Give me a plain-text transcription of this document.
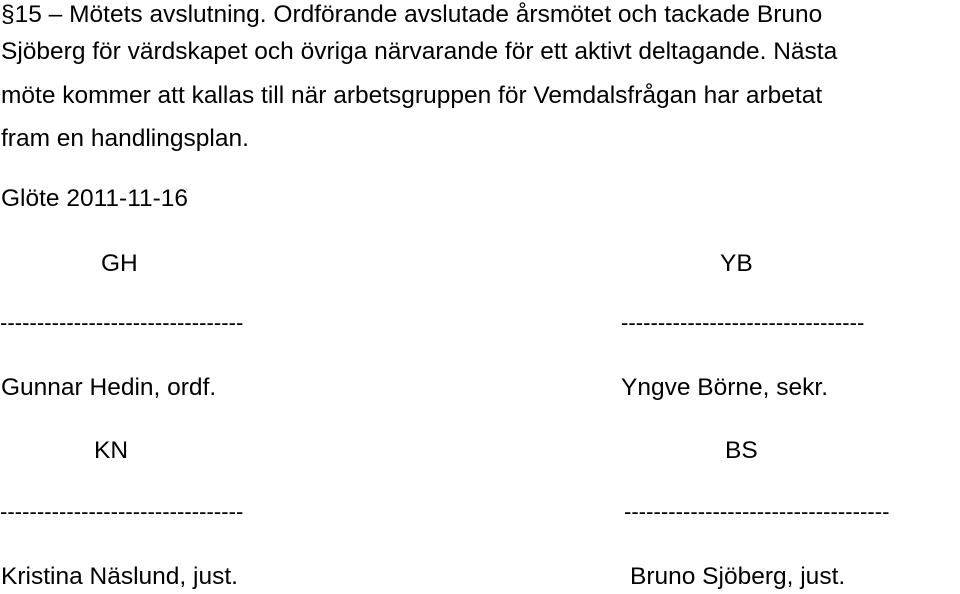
§15 – Mötets avslutning. Ordförande avslutade årsmötet och tackade Bruno
Sjöberg för värdskapet och övriga närvarande för ett aktivt deltagande. Nästa
möte kommer att kallas till när arbetsgruppen för Vemdalsfrågan har arbetat
fram en handlingsplan.
Glöte 2011-11-16
GH	YB
---------------------------------	---------------------------------
Gunnar Hedin, ordf.	Yngve Börne, sekr.
KN	BS
---------------------------------	------------------------------------
Kristina Näslund, just.	Bruno Sjöberg, just.
